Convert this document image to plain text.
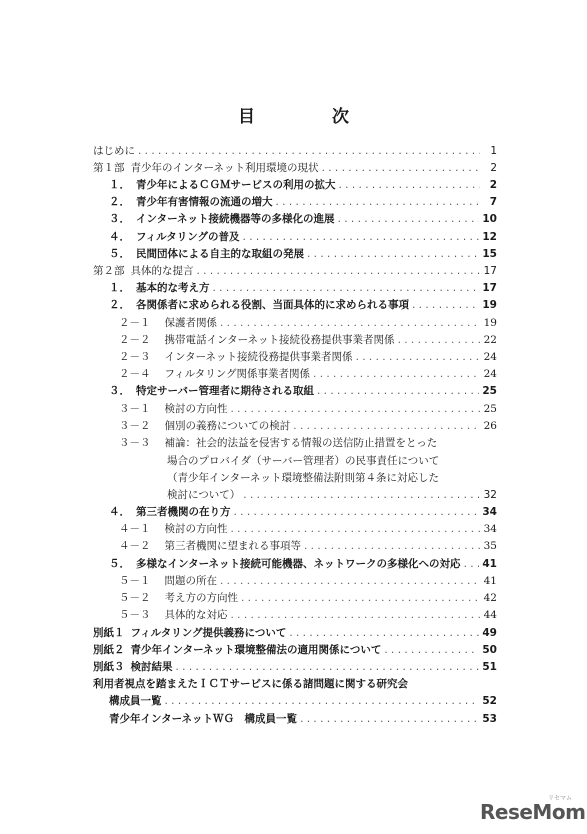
目　次
はじめに . . .	1
第１部 青少年のインターネット利用環境の現状 . . .	2
１． 青少年によるＣＧＭサービスの利用の拡大 . . .	2
２． 青少年有害情報の流通の増大 . . .	7
３． インターネット接続機器等の多様化の進展 . . .	10
４． フィルタリングの普及 . . .	12
５． 民間団体による自主的な取組の発展 . . .	15
第２部 具体的な提言 . . .	17
１． 基本的な考え方 . . .	17
２． 各関係者に求められる役割、当面具体的に求められる事項 . . .	19
２－１ 保護者関係 . . .	19
２－２ 携帯電話インターネット接続役務提供事業者関係 . . .	22
２－３ インターネット接続役務提供事業者関係 . . .	24
２－４ フィルタリング関係事業者関係 . . .	24
３． 特定サーバー管理者に期待される取組 . . .	25
３－１ 検討の方向性 . . .	25
３－２ 個別の義務についての検討 . . .	26
３－３ 補論：社会的法益を侵害する情報の送信防止措置をとった
場合のプロバイダ（サーバー管理者）の民事責任について
（青少年インターネット環境整備法附則第４条に対応した
検討について） . . .	32
４． 第三者機関の在り方 . . .	34
４－１ 検討の方向性 . . .	34
４－２ 第三者機関に望まれる事項等 . . .	35
５． 多様なインターネット接続可能機器、ネットワークの多様化への対応 . . . 41
５－１ 問題の所在 . . .	41
５－２ 考え方の方向性 . . .	42
５－３ 具体的な対応 . . .	44
別紙１ フィルタリング提供義務について . . .	49
別紙２ 青少年インターネット環境整備法の適用関係について . . .	50
別紙３ 検討結果 . . .	51
利用者視点を踏まえたＩＣＴサービスに係る諸問題に関する研究会
構成員一覧 . . .	52
青少年インターネットＷＧ　構成員一覧 . . .	53
ReseMom
リセマム
